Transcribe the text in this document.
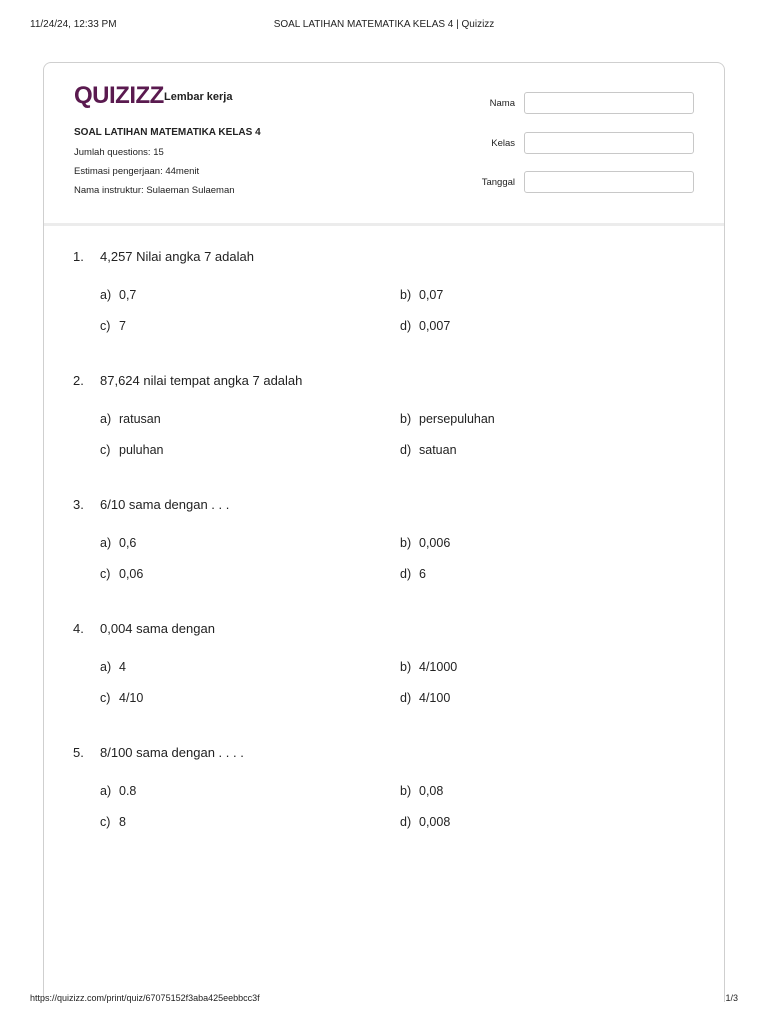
11/24/24, 12:33 PM	SOAL LATIHAN MATEMATIKA KELAS 4 | Quizizz
QUIZIZZ Lembar kerja
SOAL LATIHAN MATEMATIKA KELAS 4
Jumlah questions: 15
Estimasi pengerjaan: 44menit
Nama instruktur: Sulaeman Sulaeman
Nama
Kelas
Tanggal
1. 4,257 Nilai angka 7 adalah
a) 0,7	b) 0,07
c) 7	d) 0,007
2. 87,624 nilai tempat angka 7 adalah
a) ratusan	b) persepuluhan
c) puluhan	d) satuan
3. 6/10 sama dengan . . .
a) 0,6	b) 0,006
c) 0,06	d) 6
4. 0,004 sama dengan
a) 4	b) 4/1000
c) 4/10	d) 4/100
5. 8/100 sama dengan . . . .
a) 0.8	b) 0,08
c) 8	d) 0,008
https://quizizz.com/print/quiz/67075152f3aba425eebbcc3f	1/3
